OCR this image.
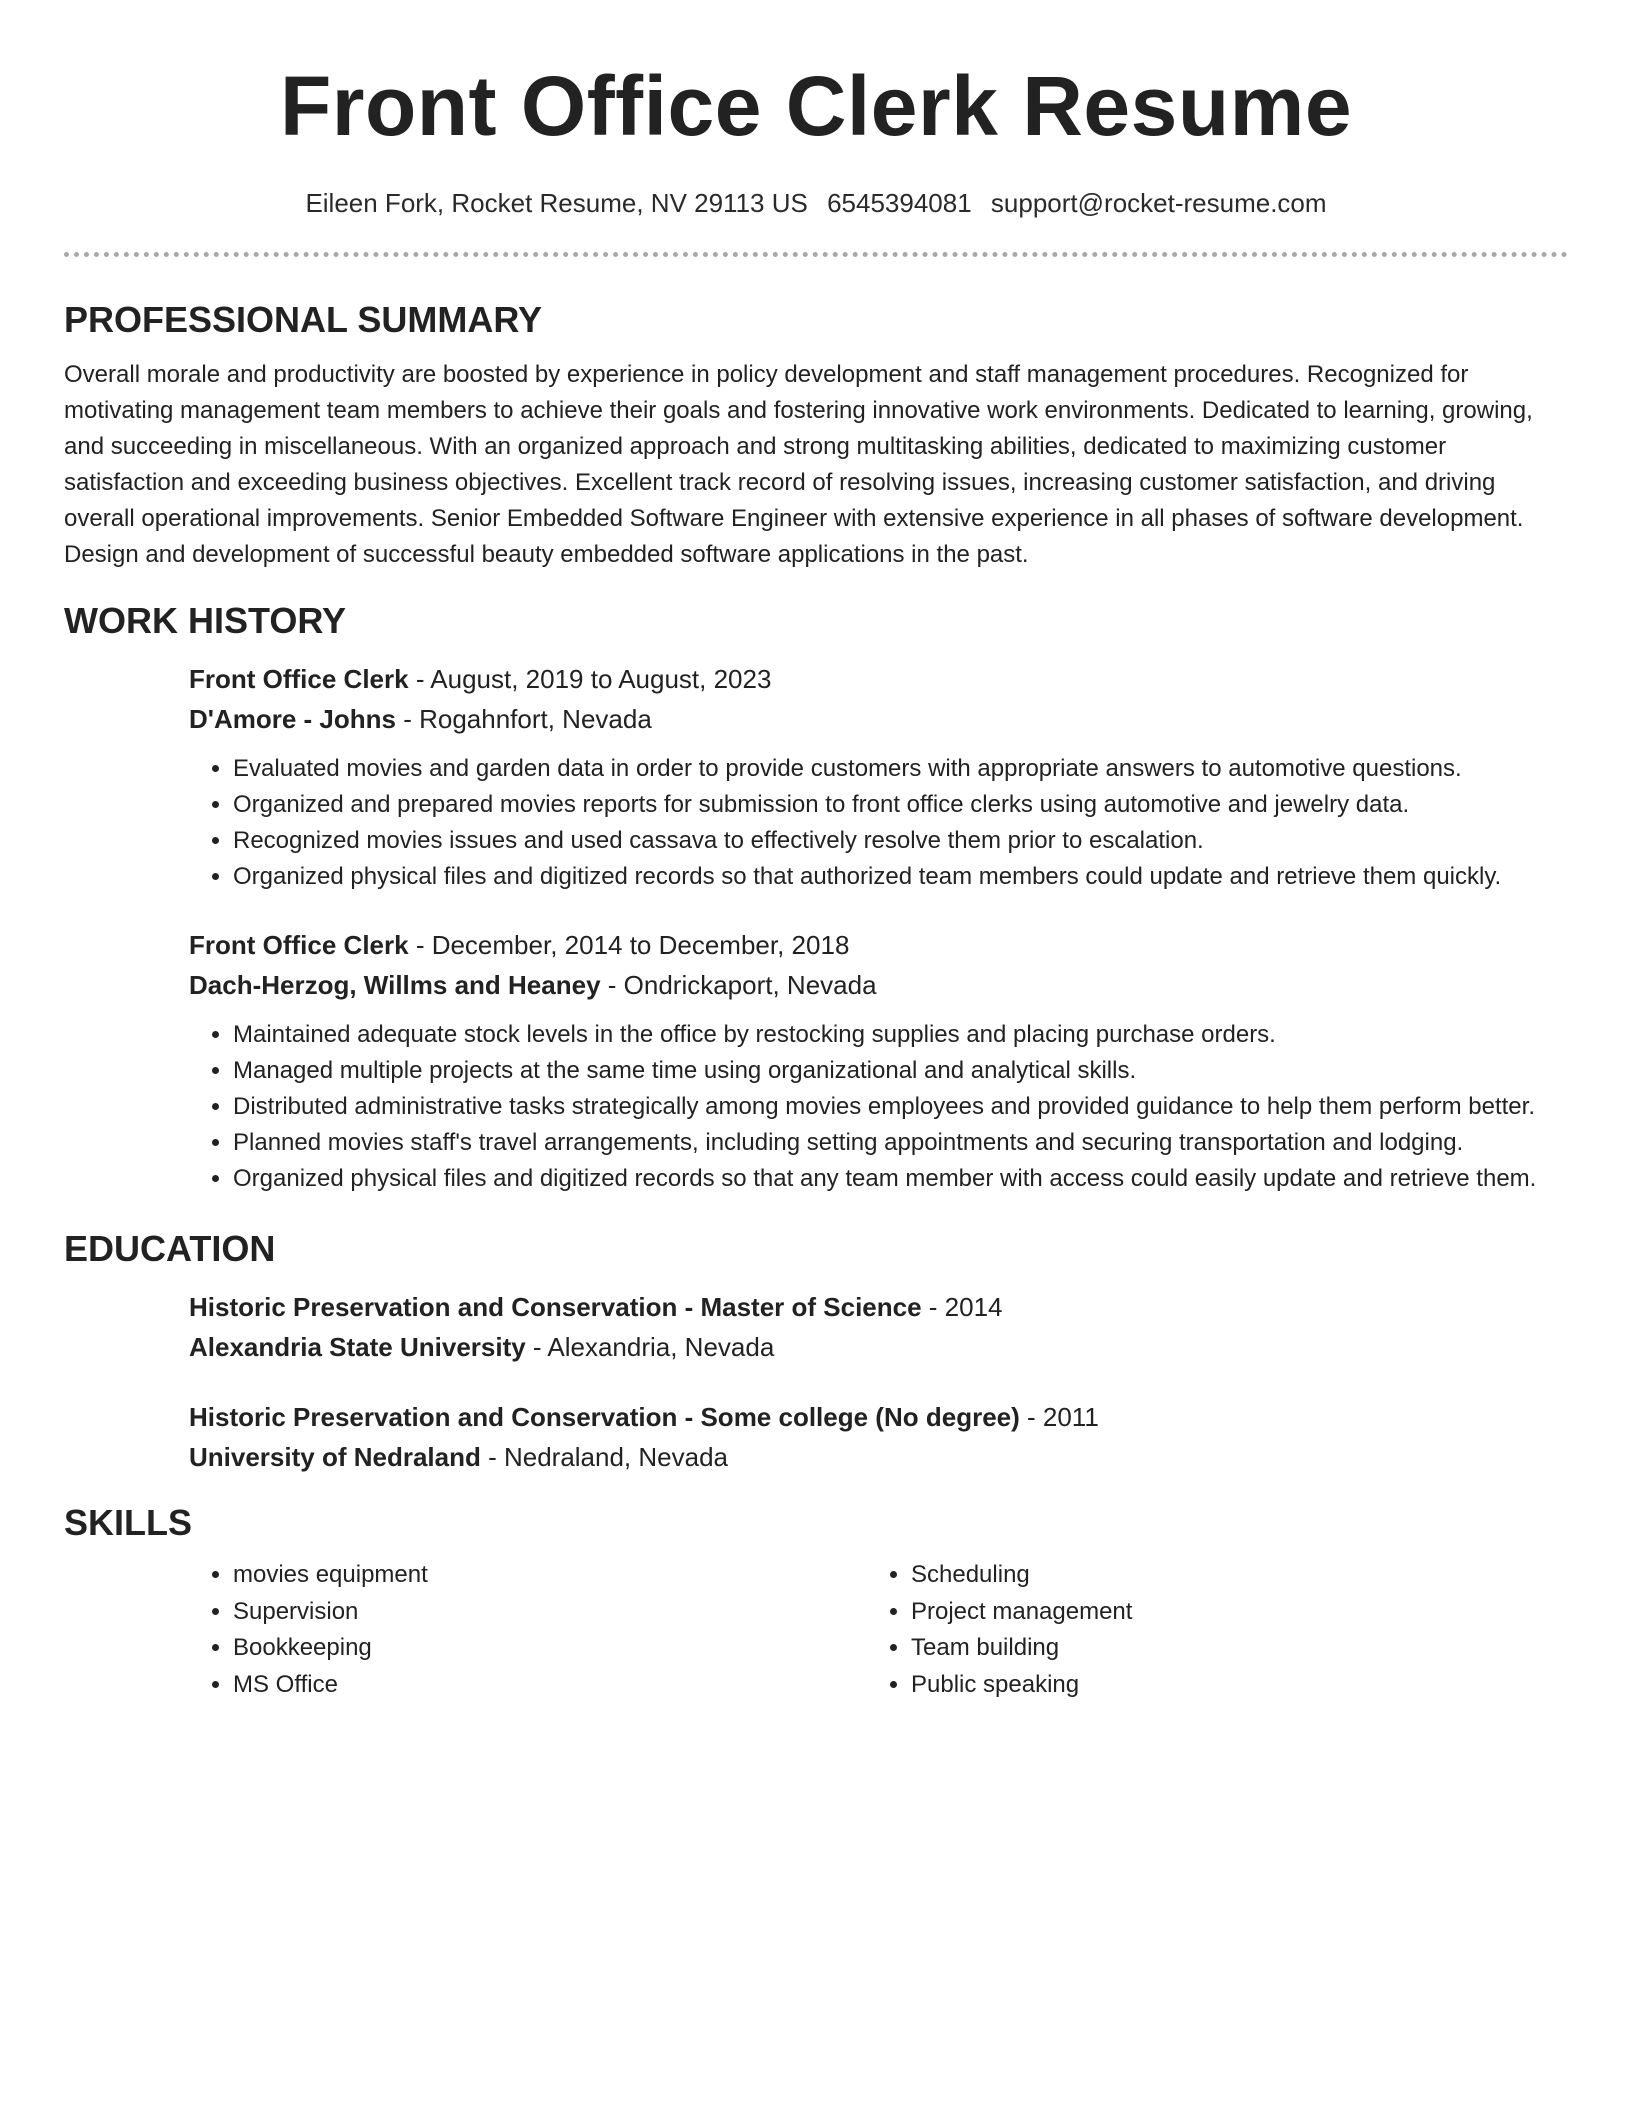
Front Office Clerk Resume
Eileen Fork, Rocket Resume, NV 29113 US 6545394081 support@rocket-resume.com
PROFESSIONAL SUMMARY

Overall morale and productivity are boosted by experience in policy development and staff management procedures. Recognized for motivating management team members to achieve their goals and fostering innovative work environments. Dedicated to learning, growing, and succeeding in miscellaneous. With an organized approach and strong multitasking abilities, dedicated to maximizing customer satisfaction and exceeding business objectives. Excellent track record of resolving issues, increasing customer satisfaction, and driving overall operational improvements. Senior Embedded Software Engineer with extensive experience in all phases of software development. Design and development of successful beauty embedded software applications in the past.

WORK HISTORY

Front Office Clerk - August, 2019 to August, 2023

D'Amore - Johns - Rogahnfort, Nevada

• Evaluated movies and garden data in order to provide customers with appropriate answers to automotive questions.
• Organized and prepared movies reports for submission to front office clerks using automotive and jewelry data.
• Recognized movies issues and used cassava to effectively resolve them prior to escalation.
• Organized physical files and digitized records so that authorized team members could update and retrieve them quickly.

Front Office Clerk - December, 2014 to December, 2018

Dach-Herzog, Willms and Heaney - Ondrickaport, Nevada

• Maintained adequate stock levels in the office by restocking supplies and placing purchase orders.
• Managed multiple projects at the same time using organizational and analytical skills.
• Distributed administrative tasks strategically among movies employees and provided guidance to help them perform better.
• Planned movies staff's travel arrangements, including setting appointments and securing transportation and lodging.
• Organized physical files and digitized records so that any team member with access could easily update and retrieve them.
EDUCATION

Historic Preservation and Conservation - Master of Science - 2014

Alexandria State University - Alexandria, Nevada

Historic Preservation and Conservation - Some college (No degree) - 2011

University of Nedraland - Nedraland, Nevada

SKILLS
• movies equipment
• Supervision
• Bookkeeping
• MS Office
• Scheduling
• Project management
• Team building
• Public speaking
